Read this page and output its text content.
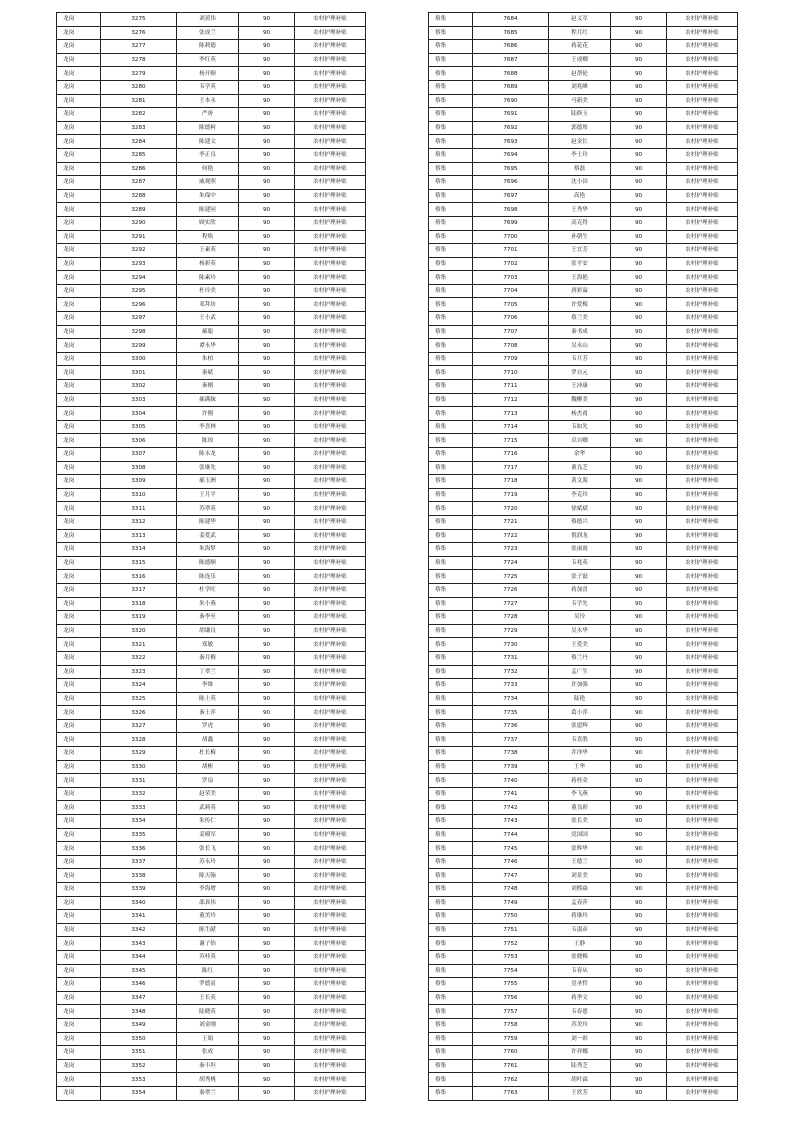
龙岗	3275	刘黄伟	90	农村护理补贴
龙岗	3276	张成兰	90	农村护理补贴
龙岗	3277	陈莉德	90	农村护理补贴
龙岗	3278	李红英	90	农村护理补贴
龙岗	3279	杨开顺	90	农村护理补贴
龙岗	3280	韦学英	90	农村护理补贴
龙岗	3281	王本永	90	农村护理补贴
龙岗	3282	严唐	90	农村护理补贴
龙岗	3283	陈德柯	90	农村护理补贴
龙岗	3284	陈建文	90	农村护理补贴
龙岗	3285	李正良	90	农村护理补贴
龙岗	3286	何艳	90	农村护理补贴
龙岗	3287	戚观照	90	农村护理补贴
龙岗	3288	朱保中	90	农村护理补贴
龙岗	3289	陈建同	90	农村护理补贴
龙岗	3290	顾实欣	90	农村护理补贴
龙岗	3291	程焕	90	农村护理补贴
龙岗	3292	王素英	90	农村护理补贴
龙岗	3293	杨彩英	90	农村护理补贴
龙岗	3294	陈素玲	90	农村护理补贴
龙岗	3295	杜玲美	90	农村护理补贴
龙岗	3296	邓拜坊	90	农村护理补贴
龙岗	3297	王小武	90	农村护理补贴
龙岗	3298	郝聪	90	农村护理补贴
龙岗	3299	谭永华	90	农村护理补贴
龙岗	3300	朱柏	90	农村护理补贴
龙岗	3301	秦斌	90	农村护理补贴
龙岗	3302	秦刚	90	农村护理补贴
龙岗	3303	郝满妹	90	农村护理补贴
龙岗	3304	许刚	90	农村护理补贴
龙岗	3305	李喜林	90	农村护理补贴
龙岗	3306	陈琼	90	农村护理补贴
龙岗	3307	陈永龙	90	农村护理补贴
龙岗	3308	张继先	90	农村护理补贴
龙岗	3309	郝玉洲	90	农村护理补贴
龙岗	3310	王月平	90	农村护理补贴
龙岗	3311	苏翠英	90	农村护理补贴
龙岗	3312	陈建华	90	农村护理补贴
龙岗	3313	姜爱武	90	农村护理补贴
龙岗	3314	朱海梦	90	农村护理补贴
龙岗	3315	陈德顺	90	农村护理补贴
龙岗	3316	陈连乐	90	农村护理补贴
龙岗	3317	杜学旺	90	农村护理补贴
龙岗	3318	朱小燕	90	农村护理补贴
龙岗	3319	秦李至	90	农村护理补贴
龙岗	3320	胡谦良	90	农村护理补贴
龙岗	3321	郑敏	90	农村护理补贴
龙岗	3322	秦月梅	90	农村护理补贴
龙岗	3323	丁翠兰	90	农村护理补贴
龙岗	3324	李维	90	农村护理补贴
龙岗	3325	陈士英	90	农村护理补贴
龙岗	3326	秦士萍	90	农村护理补贴
龙岗	3327	罗虎	90	农村护理补贴
龙岗	3328	胡鑫	90	农村护理补贴
龙岗	3329	杜长梅	90	农村护理补贴
龙岗	3330	胡彬	90	农村护理补贴
龙岗	3331	罗扇	90	农村护理补贴
龙岗	3332	赵荣美	90	农村护理补贴
龙岗	3333	武莉英	90	农村护理补贴
龙岗	3334	朱传仁	90	农村护理补贴
龙岗	3335	姜殿军	90	农村护理补贴
龙岗	3336	张长飞	90	农村护理补贴
龙岗	3337	苏永玲	90	农村护理补贴
龙岗	3338	陈天翰	90	农村护理补贴
龙岗	3339	李海增	90	农村护理补贴
龙岗	3340	邵真伟	90	农村护理补贴
龙岗	3341	董美玲	90	农村护理补贴
龙岗	3342	陈生献	90	农村护理补贴
龙岗	3343	谢子怡	90	农村护理补贴
龙岗	3344	苏桂英	90	农村护理补贴
龙岗	3345	陈红	90	农村护理补贴
龙岗	3346	罗德寅	90	农村护理补贴
龙岗	3347	王长英	90	农村护理补贴
龙岗	3348	陆晓英	90	农村护理补贴
龙岗	3349	刘金刚	90	农村护理补贴
龙岗	3350	王娟	90	农村护理补贴
龙岗	3351	张成	90	农村护理补贴
龙岗	3352	秦丰坦	90	农村护理补贴
龙岗	3353	胡秀桃	90	农村护理补贴
龙岗	3354	秦翠兰	90	农村护理补贴
蔡集	7684	赵义军	90	农村护理补贴
蔡集	7685	程月红	90	农村护理补贴
蔡集	7686	蒋花花	90	农村护理补贴
蔡集	7687	王成卿	90	农村护理补贴
蔡集	7688	赵帮伦	90	农村护理补贴
蔡集	7689	刘兆峰	90	农村护理补贴
蔡集	7690	马新美	90	农村护理补贴
蔡集	7691	陆修玉	90	农村护理补贴
蔡集	7692	郭德彤	90	农村护理补贴
蔡集	7693	赵金长	90	农村护理补贴
蔡集	7694	李士玲	90	农村护理补贴
蔡集	7695	蔡磊	90	农村护理补贴
蔡集	7696	沈小田	90	农村护理补贴
蔡集	7697	高艳	90	农村护理补贴
蔡集	7698	王秀华	90	农村护理补贴
蔡集	7699	高克得	90	农村护理补贴
蔡集	7700	孙朝生	90	农村护理补贴
蔡集	7701	王宜芳	90	农村护理补贴
蔡集	7702	张平安	90	农村护理补贴
蔡集	7703	王海艳	90	农村护理补贴
蔡集	7704	唐彩溢	90	农村护理补贴
蔡集	7705	许爱梅	90	农村护理补贴
蔡集	7706	蔡兰美	90	农村护理补贴
蔡集	7707	秦书成	90	农村护理补贴
蔡集	7708	吴永山	90	农村护理补贴
蔡集	7709	韦月芳	90	农村护理补贴
蔡集	7710	罗自元	90	农村护理补贴
蔡集	7711	王沛康	90	农村护理补贴
蔡集	7712	魏柳美	90	农村护理补贴
蔡集	7713	杨杰甫	90	农村护理补贴
蔡集	7714	韦如先	90	农村护理补贴
蔡集	7715	卓自卿	90	农村护理补贴
蔡集	7716	余华	90	农村护理补贴
蔡集	7717	董良芝	90	农村护理补贴
蔡集	7718	黄文海	90	农村护理补贴
蔡集	7719	李克玲	90	农村护理补贴
蔡集	7720	徐斌斌	90	农村护理补贴
蔡集	7721	蔡德兴	90	农村护理补贴
蔡集	7722	倪润龙	90	农村护理补贴
蔡集	7723	张丽霞	90	农村护理补贴
蔡集	7724	韦兆英	90	农村护理补贴
蔡集	7725	张子磊	90	农村护理补贴
蔡集	7726	蒋加喜	90	农村护理补贴
蔡集	7727	韦学先	90	农村护理补贴
蔡集	7728	吴玲	90	农村护理补贴
蔡集	7729	吴永华	90	农村护理补贴
蔡集	7730	王爱美	90	农村护理补贴
蔡集	7731	蔡兰丹	90	农村护理补贴
蔡集	7732	孟广生	90	农村护理补贴
蔡集	7733	许加强	90	农村护理补贴
蔡集	7734	陆艳	90	农村护理补贴
蔡集	7735	葛小萍	90	农村护理补贴
蔡集	7736	张恩辉	90	农村护理补贴
蔡集	7737	韦喜胜	90	农村护理补贴
蔡集	7738	乔泽华	90	农村护理补贴
蔡集	7739	王华	90	农村护理补贴
蔡集	7740	蒋桂金	90	农村护理补贴
蔡集	7741	李飞燕	90	农村护理补贴
蔡集	7742	董良彩	90	农村护理补贴
蔡集	7743	张长美	90	农村护理补贴
蔡集	7744	党国国	90	农村护理补贴
蔡集	7745	张辉华	90	农村护理补贴
蔡集	7746	王德兰	90	农村护理补贴
蔡集	7747	刘景美	90	农村护理补贴
蔡集	7748	刘熙焱	90	农村护理补贴
蔡集	7749	孟春萍	90	农村护理补贴
蔡集	7750	蒋继玲	90	农村护理补贴
蔡集	7751	韦淑彦	90	农村护理补贴
蔡集	7752	王静	90	农村护理补贴
蔡集	7753	张晓梅	90	农村护理补贴
蔡集	7754	韦春从	90	农村护理补贴
蔡集	7755	党圣哲	90	农村护理补贴
蔡集	7756	蒋季文	90	农村护理补贴
蔡集	7757	韦春恩	90	农村护理补贴
蔡集	7758	苏美玲	90	农村护理补贴
蔡集	7759	刘一彩	90	农村护理补贴
蔡集	7760	许祥娜	90	农村护理补贴
蔡集	7761	陆秀芝	90	农村护理补贴
蔡集	7762	胡叶霖	90	农村护理补贴
蔡集	7763	王欣芳	90	农村护理补贴
